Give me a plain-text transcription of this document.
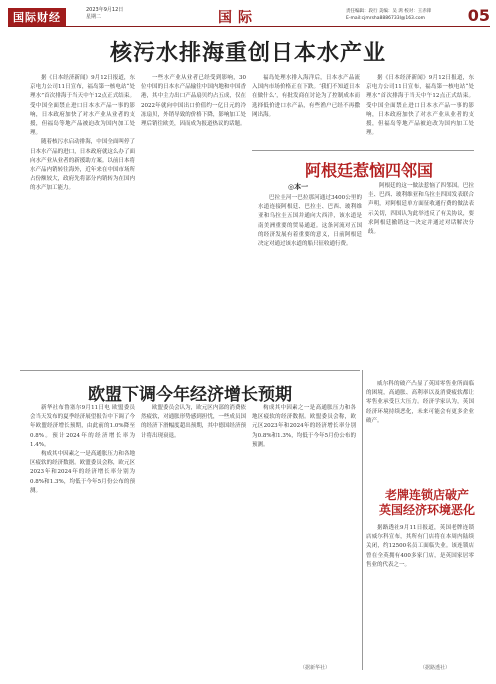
国际财经
2023年9月12日
星期二	国际	责任编辑：段行 美编：吴 鸿 校对：王赤锋
E-mail:cjmrsha8886733l@163.com	05
核污水排海重创日本水产业

据《日本经济新闻》9月12日报道，东京电力公司11日宣布，福岛第一核电站“处理水”首次排海于当天中午12点正式结束。受中国全面禁止进口日本水产品一事的影响，日本政府加快了对水产业从业者的支援，但福岛等地产品被迫改为国内加工处理。

随着核污水启动排海，中国全面叫停了日本水产品的进口，日本政府就这么办了面向水产业从业者的新援助方案。以前日本将水产品内销转往海外，近年来在中国市场所占份额较大，政府先将部分内销转为在国内的水产加工能力。

一些水产业从业者已经受到影响，30位中国的日本水产品输往中国内地和中国香港，其中主力出口产品扇贝约占五成，仅在2022年就向中国出口价值约一亿日元的冷冻扇贝，外销导致的价格下降，影响加工处理后销往欧美，因而成为报道热议的话题。

福岛处理水排入海洋后，日本水产品流入国内市场价格正在下跌。‘我们不知道日本在做什么’，有批发商在讨论为了控制成本而选择低价进口水产品，有些渔户已经不再撒网出海。

据《日本经济新闻》9月12日报道，东京电力公司11日宣布，福岛第一核电站“处理水”首次排海于当天中午12点正式结束。受中国全面禁止进口日本水产品一事的影响，日本政府加快了对水产业从业者的支援，但福岛等地产品被迫改为国内加工处理。

阿根廷惹恼四邻国
◎本一

巴拉圭河一巴拉那河通过3400公里的水道连接阿根廷、巴拉圭、巴西、玻利维亚和乌拉圭五国并通向大西洋，该水道是南美洲重要的贸易通道。这条河流对五国的经济发展有着重要的意义，日前阿根廷决定对通过该水道的船只征收通行费。

阿根廷的这一做法惹恼了四邻国。巴拉圭、巴西、玻利维亚和乌拉圭四国发表联合声明，对阿根廷单方面征收通行费的做法表示关切，四国认为此举违反了有关协议，要求阿根廷撤销这一决定并通过对话解决分歧。

欧盟下调今年经济增长预期

新华社布鲁塞尔9月11日电 欧盟委员会当天发布的夏季经济展望报告中下调了今年欧盟经济增长预期，由此前的1.0%降至0.8%。预计2024年的经济增长率为1.4%。

构成其中因素之一是高通胀压力和各地区疲软的经济数据。欧盟委员会称，欧元区2023年和2024年的经济增长率分别为0.8%和1.3%，均低于今年5月份公布的预测。

欧盟委员会认为，欧元区内部的消费依然疲软，对通胀形势感到担忧，一些成员国的经济下滑幅度超出预期，其中德国经济预计将出现衰退。

构成其中因素之一是高通胀压力和各地区疲软的经济数据。欧盟委员会称，欧元区2023年和2024年的经济增长率分别为0.8%和1.3%，均低于今年5月份公布的预测。

（据新华社）
老牌连锁店破产
英国经济环境恶化

威尔科的破产凸显了英国零售业所面临的困境，高通胀、高利率以及消费疲软都让零售业承受巨大压力。经济学家认为，英国经济环境持续恶化，未来可能会有更多企业破产。

据路透社9月11日报道，英国老牌连锁店威尔科宣布，其所有门店将在本周内陆续关闭，约12500名员工面临失业。该连锁店曾在全英拥有400多家门店，是英国家居零售业的代表之一。

（据路透社）
